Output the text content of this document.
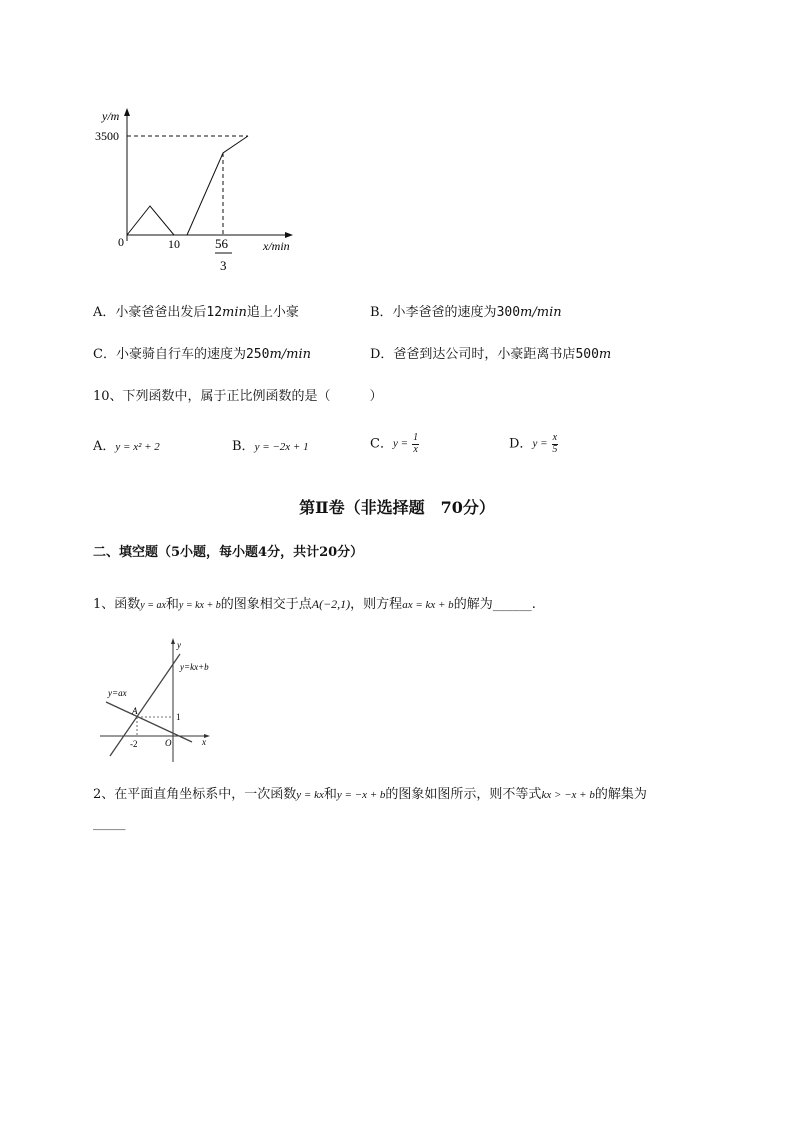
y/m
3500
0	10	56
3
x/min
A．小豪爸爸出发后12min追上小豪	B．小李爸爸的速度为300m/min
C．小豪骑自行车的速度为250m/min	D．爸爸到达公司时，小豪距离书店500m
10、下列函数中，属于正比例函数的是（　　　）
A．y = x² + 2	B．y = −2x + 1	C．$y = \frac{1}{x}$	D．$y = \frac{x}{5}$
第Ⅱ卷（非选择题　70分）
二、填空题（5小题，每小题4分，共计20分）
1、函数y = ax和y = kx + b的图象相交于点A(−2,1)，则方程ax = kx + b的解为______.
y
y=kx+b
y=ax
A
1
-2	O	x
2、在平面直角坐标系中，一次函数y = kx和y = −x + b的图象如图所示，则不等式kx > −x + b的解集为
_____
